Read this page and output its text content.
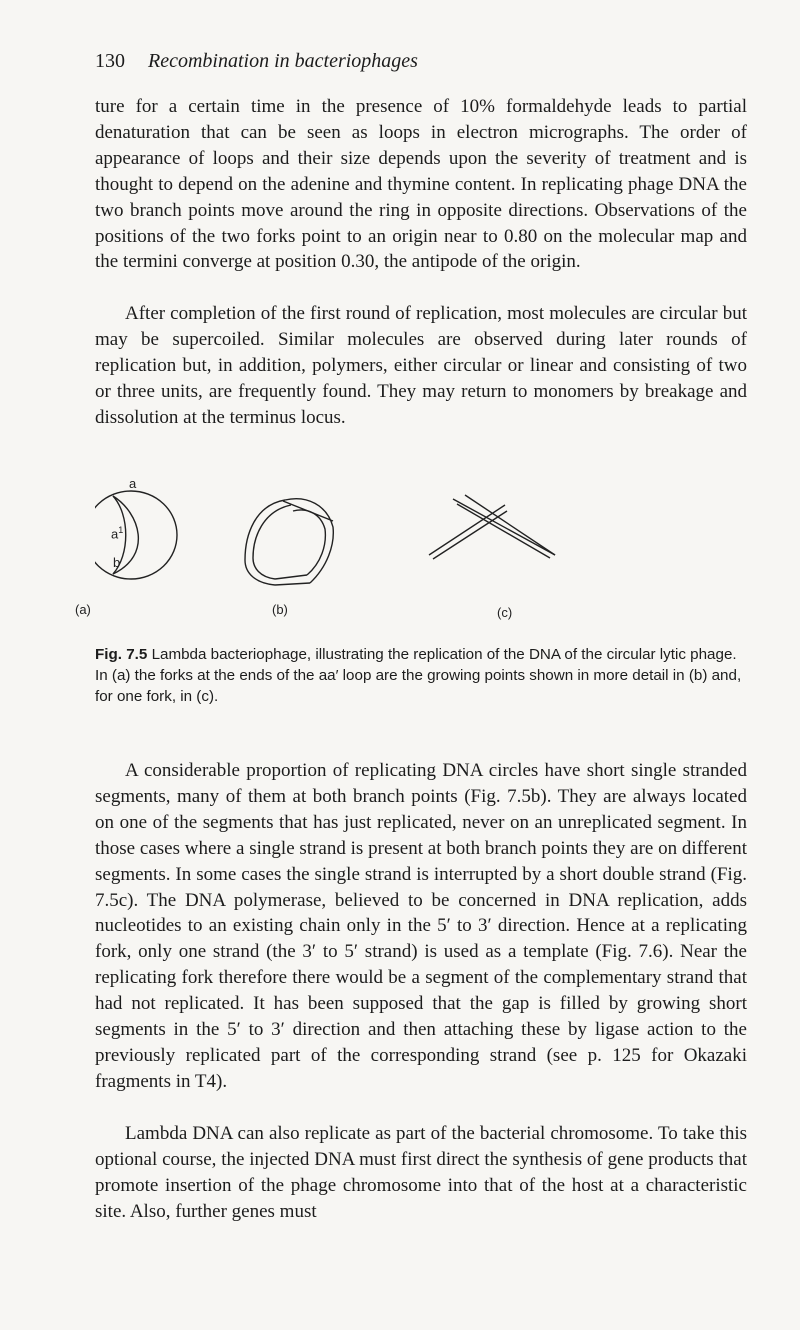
130 Recombination in bacteriophages

ture for a certain time in the presence of 10% formaldehyde leads to partial denaturation that can be seen as loops in electron micrographs. The order of appearance of loops and their size depends upon the severity of treatment and is thought to depend on the adenine and thymine content. In replicating phage DNA the two branch points move around the ring in opposite directions. Observations of the positions of the two forks point to an origin near to 0.80 on the molecular map and the termini converge at position 0.30, the antipode of the origin.

After completion of the first round of replication, most molecules are circular but may be supercoiled. Similar molecules are observed during later rounds of replication but, in addition, polymers, either circular or linear and consisting of two or three units, are frequently found. They may return to monomers by breakage and dissolution at the terminus locus.

a
$a^1$
b
(a)	(b)	(c)

Fig. 7.5 Lambda bacteriophage, illustrating the replication of the DNA of the circular lytic phage. In (a) the forks at the ends of the aa′ loop are the growing points shown in more detail in (b) and, for one fork, in (c).

A considerable proportion of replicating DNA circles have short single stranded segments, many of them at both branch points (Fig. 7.5b). They are always located on one of the segments that has just replicated, never on an unreplicated segment. In those cases where a single strand is present at both branch points they are on different segments. In some cases the single strand is interrupted by a short double strand (Fig. 7.5c). The DNA polymerase, believed to be concerned in DNA replication, adds nucleotides to an existing chain only in the 5′ to 3′ direction. Hence at a replicating fork, only one strand (the 3′ to 5′ strand) is used as a template (Fig. 7.6). Near the replicating fork therefore there would be a segment of the complementary strand that had not replicated. It has been supposed that the gap is filled by growing short segments in the 5′ to 3′ direction and then attaching these by ligase action to the previously replicated part of the corresponding strand (see p. 125 for Okazaki fragments in T4).

Lambda DNA can also replicate as part of the bacterial chromosome. To take this optional course, the injected DNA must first direct the synthesis of gene products that promote insertion of the phage chromosome into that of the host at a characteristic site. Also, further genes must
